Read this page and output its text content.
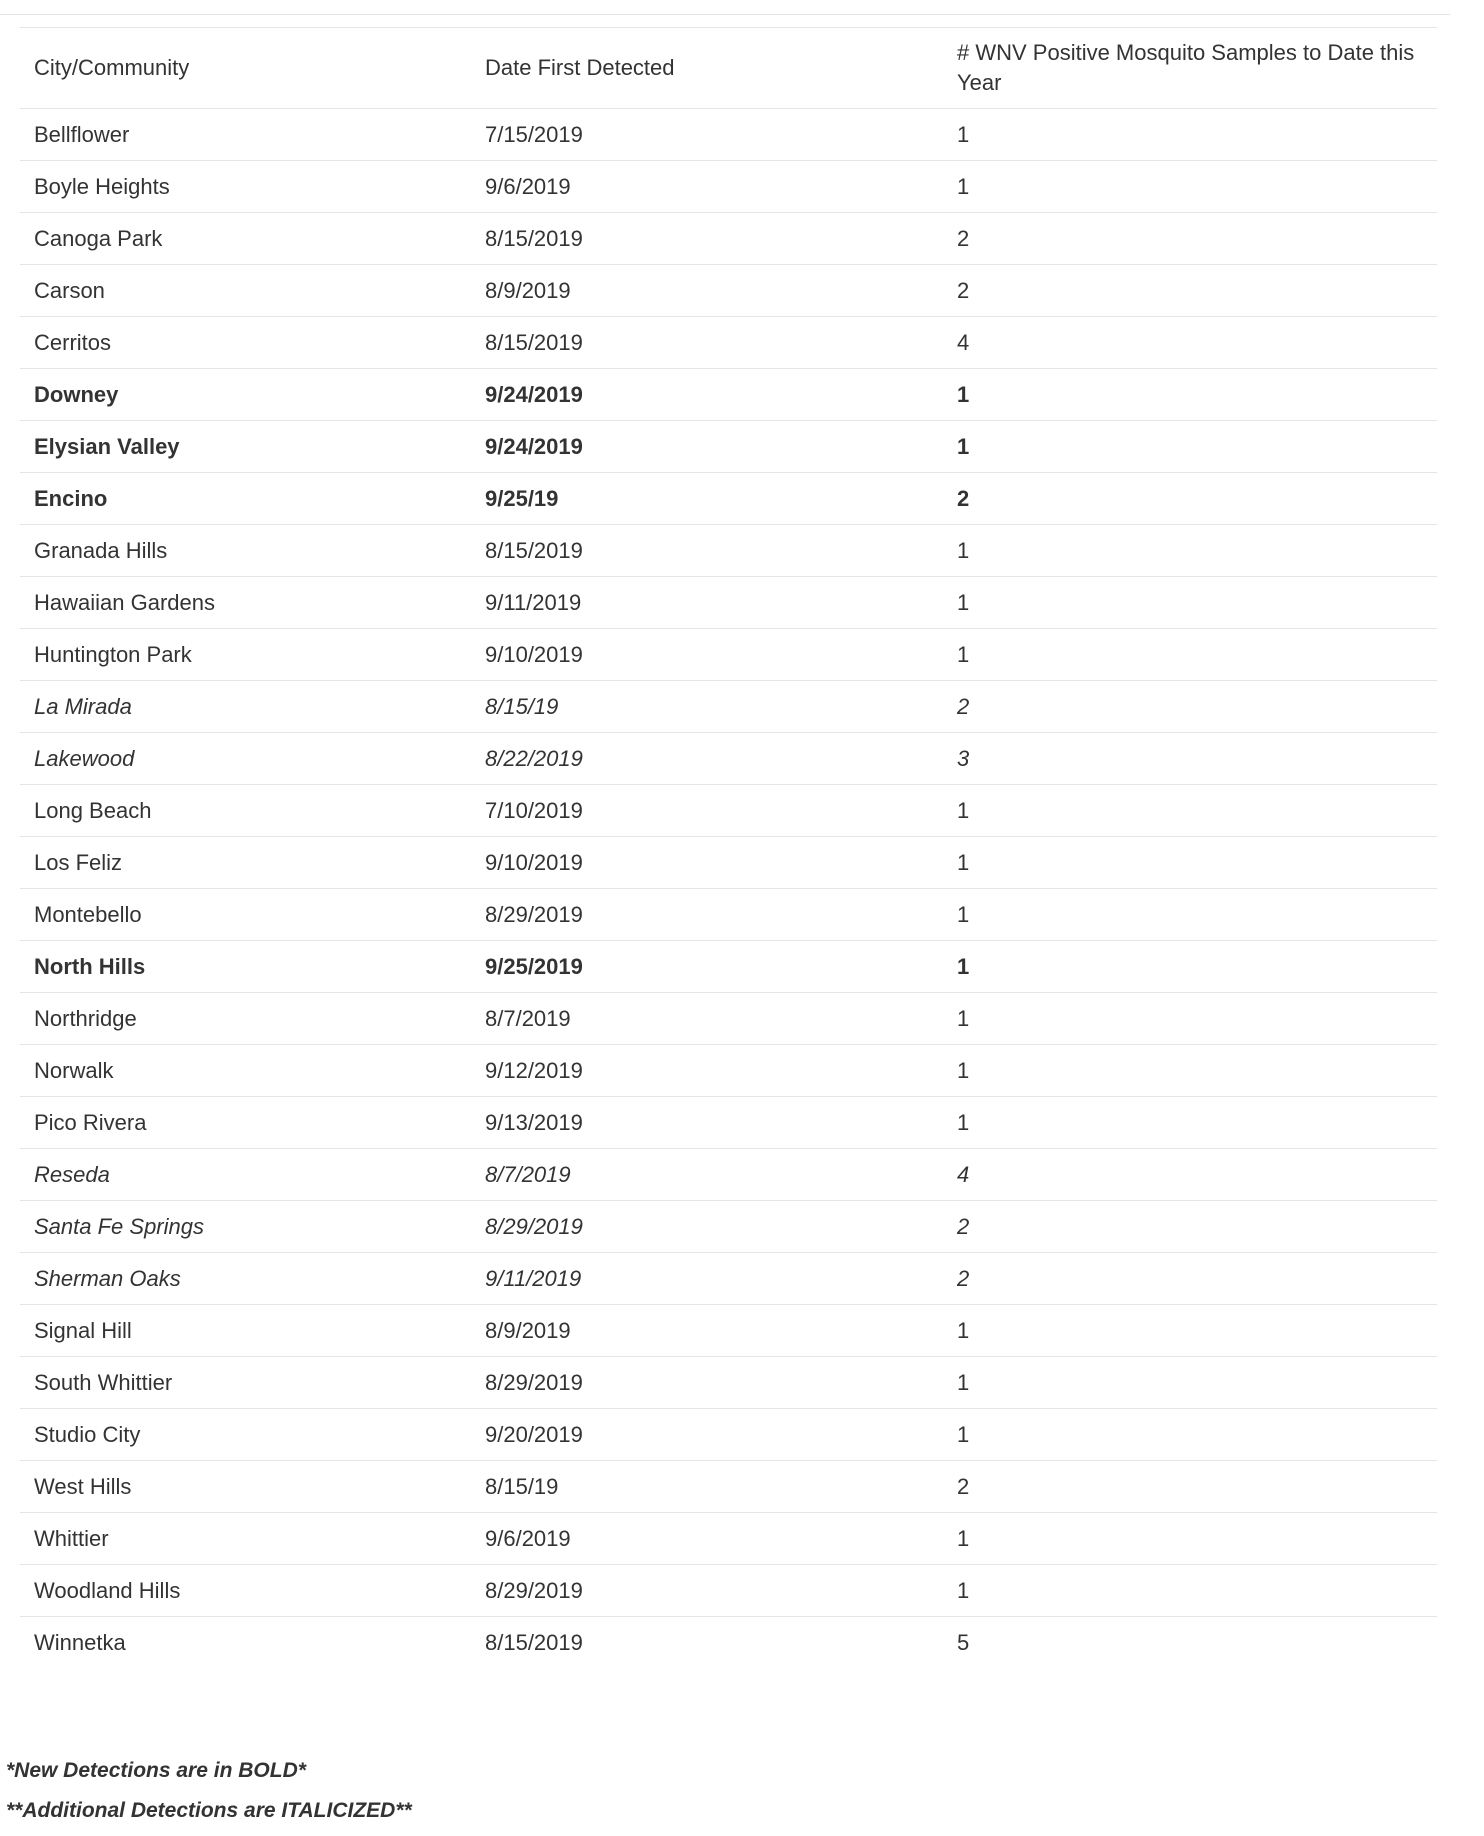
City/Community	Date First Detected	# WNV Positive Mosquito Samples to Date this Year
Bellflower	7/15/2019	1
Boyle Heights	9/6/2019	1
Canoga Park	8/15/2019	2
Carson	8/9/2019	2
Cerritos	8/15/2019	4
Downey	9/24/2019	1
Elysian Valley	9/24/2019	1
Encino	9/25/19	2
Granada Hills	8/15/2019	1
Hawaiian Gardens	9/11/2019	1
Huntington Park	9/10/2019	1
La Mirada	8/15/19	2
Lakewood	8/22/2019	3
Long Beach	7/10/2019	1
Los Feliz	9/10/2019	1
Montebello	8/29/2019	1
North Hills	9/25/2019	1
Northridge	8/7/2019	1
Norwalk	9/12/2019	1
Pico Rivera	9/13/2019	1
Reseda	8/7/2019	4
Santa Fe Springs	8/29/2019	2
Sherman Oaks	9/11/2019	2
Signal Hill	8/9/2019	1
South Whittier	8/29/2019	1
Studio City	9/20/2019	1
West Hills	8/15/19	2
Whittier	9/6/2019	1
Woodland Hills	8/29/2019	1
Winnetka	8/15/2019	5
*New Detections are in BOLD*
**Additional Detections are ITALICIZED**
